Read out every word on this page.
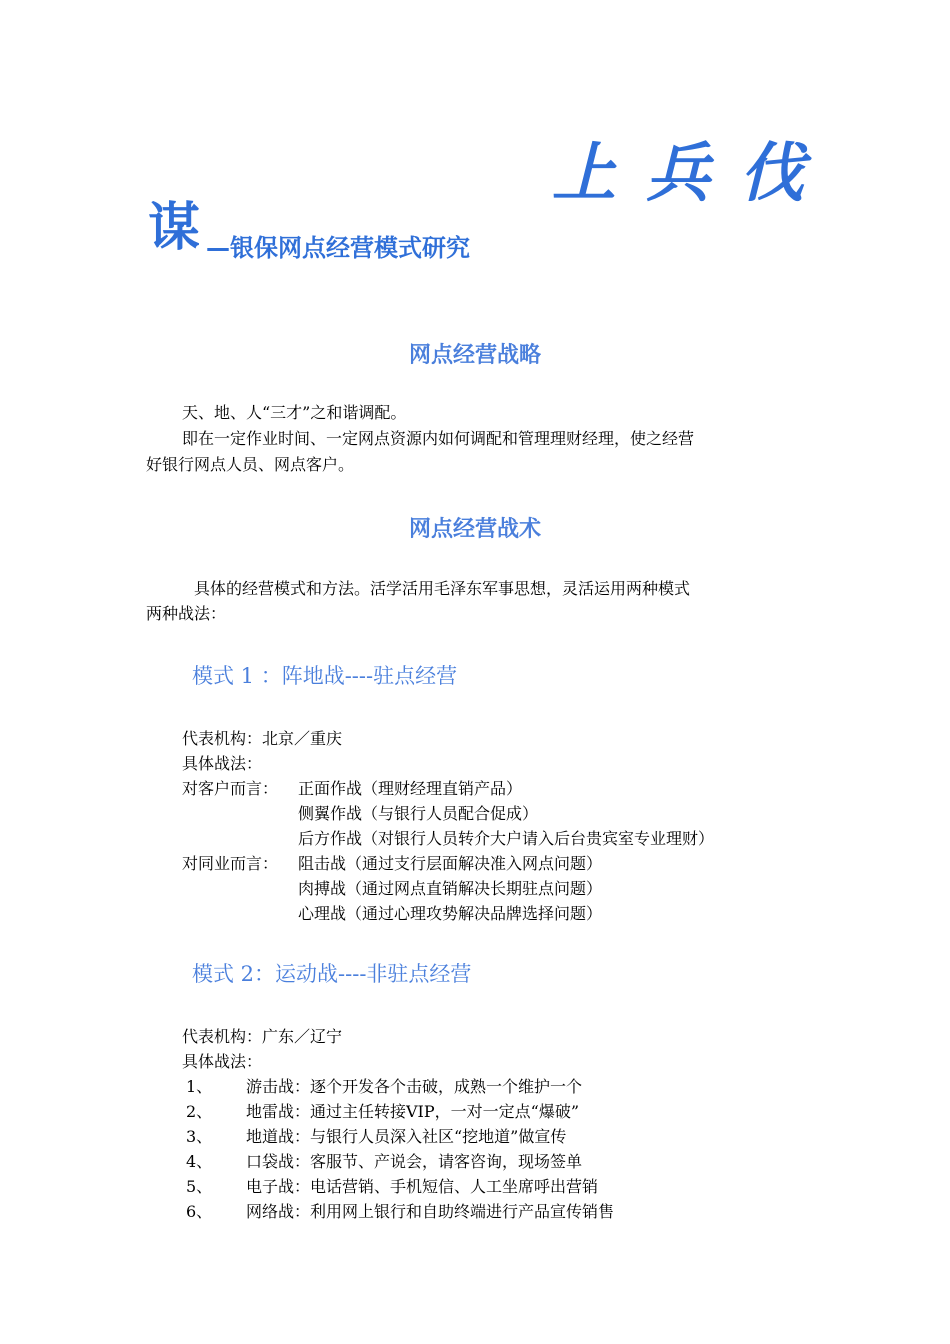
上兵伐
谋 —银保网点经营模式研究
网点经营战略
天、地、人“三才”之和谐调配。
即在一定作业时间、一定网点资源内如何调配和管理理财经理，使之经营
好银行网点人员、网点客户。
网点经营战术
具体的经营模式和方法。活学活用毛泽东军事思想，灵活运用两种模式
两种战法：
模式 1 ：阵地战----驻点经营
代表机构：北京／重庆
具体战法：
对客户而言： 正面作战（理财经理直销产品）
侧翼作战（与银行人员配合促成）
后方作战（对银行人员转介大户请入后台贵宾室专业理财）
对同业而言： 阻击战（通过支行层面解决准入网点问题）
肉搏战（通过网点直销解决长期驻点问题）
心理战（通过心理攻势解决品牌选择问题）
模式 2：运动战----非驻点经营
代表机构：广东／辽宁
具体战法：
1、 游击战：逐个开发各个击破，成熟一个维护一个
2、 地雷战：通过主任转接VIP，一对一定点“爆破”
3、 地道战：与银行人员深入社区“挖地道”做宣传
4、 口袋战：客服节、产说会，请客咨询，现场签单
5、 电子战：电话营销、手机短信、人工坐席呼出营销
6、 网络战：利用网上银行和自助终端进行产品宣传销售
